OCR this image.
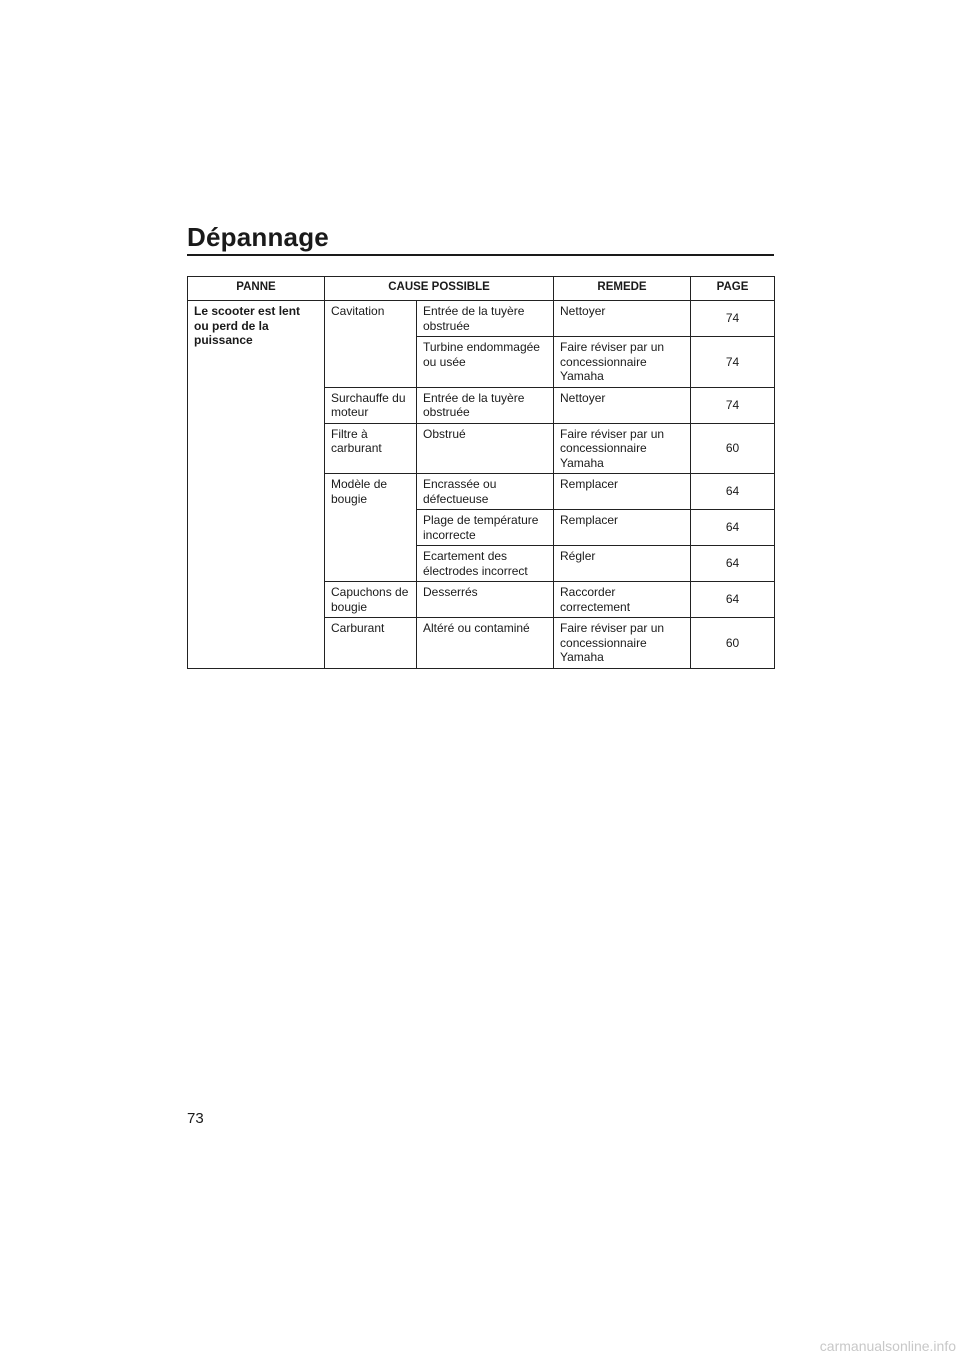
Dépannage
PANNE	CAUSE POSSIBLE		REMEDE	PAGE
Le scooter est lent ou perd de la puissance	Cavitation	Entrée de la tuyère obstruée	Nettoyer	74
		Turbine endommagée ou usée	Faire réviser par un concessionnaire Yamaha	74
	Surchauffe du moteur	Entrée de la tuyère obstruée	Nettoyer	74
	Filtre à carburant	Obstrué	Faire réviser par un concessionnaire Yamaha	60
	Modèle de bougie	Encrassée ou défectueuse	Remplacer	64
		Plage de température incorrecte	Remplacer	64
		Ecartement des électrodes incorrect	Régler	64
	Capuchons de bougie	Desserrés	Raccorder correctement	64
	Carburant	Altéré ou contaminé	Faire réviser par un concessionnaire Yamaha	60
73
carmanualsonline.info
